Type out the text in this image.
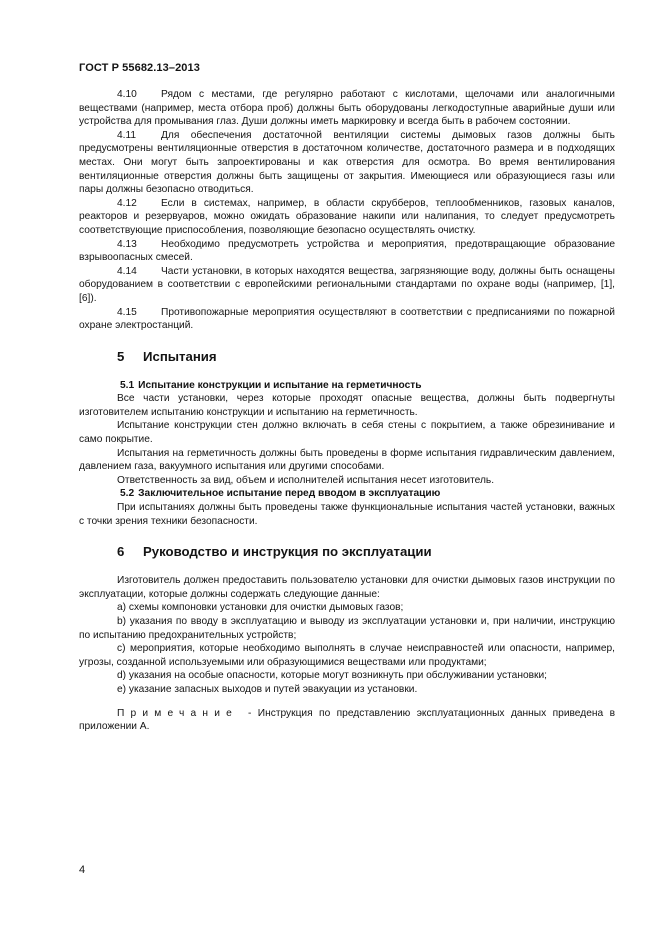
ГОСТ Р 55682.13–2013

4.10 Рядом с местами, где регулярно работают с кислотами, щелочами или аналогичными веществами (например, места отбора проб) должны быть оборудованы легкодоступные аварийные души или устройства для промывания глаз. Души должны иметь маркировку и всегда быть в рабочем состоянии.

4.11 Для обеспечения достаточной вентиляции системы дымовых газов должны быть предусмотрены вентиляционные отверстия в достаточном количестве, достаточного размера и в подходящих местах. Они могут быть запроектированы и как отверстия для осмотра. Во время вентилирования вентиляционные отверстия должны быть защищены от закрытия. Имеющиеся или образующиеся газы или пары должны безопасно отводиться.

4.12 Если в системах, например, в области скрубберов, теплообменников, газовых каналов, реакторов и резервуаров, можно ожидать образование накипи или налипания, то следует предусмотреть соответствующие приспособления, позволяющие безопасно осуществлять очистку.

4.13 Необходимо предусмотреть устройства и мероприятия, предотвращающие образование взрывоопасных смесей.

4.14 Части установки, в которых находятся вещества, загрязняющие воду, должны быть оснащены оборудованием в соответствии с европейскими региональными стандартами по охране воды (например, [1], [6]).

4.15 Противопожарные мероприятия осуществляют в соответствии с предписаниями по пожарной охране электростанций.

5 Испытания

5.1 Испытание конструкции и испытание на герметичность

Все части установки, через которые проходят опасные вещества, должны быть подвергнуты изготовителем испытанию конструкции и испытанию на герметичность.

Испытание конструкции стен должно включать в себя стены с покрытием, а также обрезинивание и само покрытие.

Испытания на герметичность должны быть проведены в форме испытания гидравлическим давлением, давлением газа, вакуумного испытания или другими способами.

Ответственность за вид, объем и исполнителей испытания несет изготовитель.

5.2 Заключительное испытание перед вводом в эксплуатацию

При испытаниях должны быть проведены также функциональные испытания частей установки, важных с точки зрения техники безопасности.

6 Руководство и инструкция по эксплуатации

Изготовитель должен предоставить пользователю установки для очистки дымовых газов инструкции по эксплуатации, которые должны содержать следующие данные:

a) схемы компоновки установки для очистки дымовых газов;

b) указания по вводу в эксплуатацию и выводу из эксплуатации установки и, при наличии, инструкцию по испытанию предохранительных устройств;

c) мероприятия, которые необходимо выполнять в случае неисправностей или опасности, например, угрозы, созданной используемыми или образующимися веществами или продуктами;

d) указания на особые опасности, которые могут возникнуть при обслуживании установки;

e) указание запасных выходов и путей эвакуации из установки.

Примечание - Инструкция по представлению эксплуатационных данных приведена в приложении А.

4
